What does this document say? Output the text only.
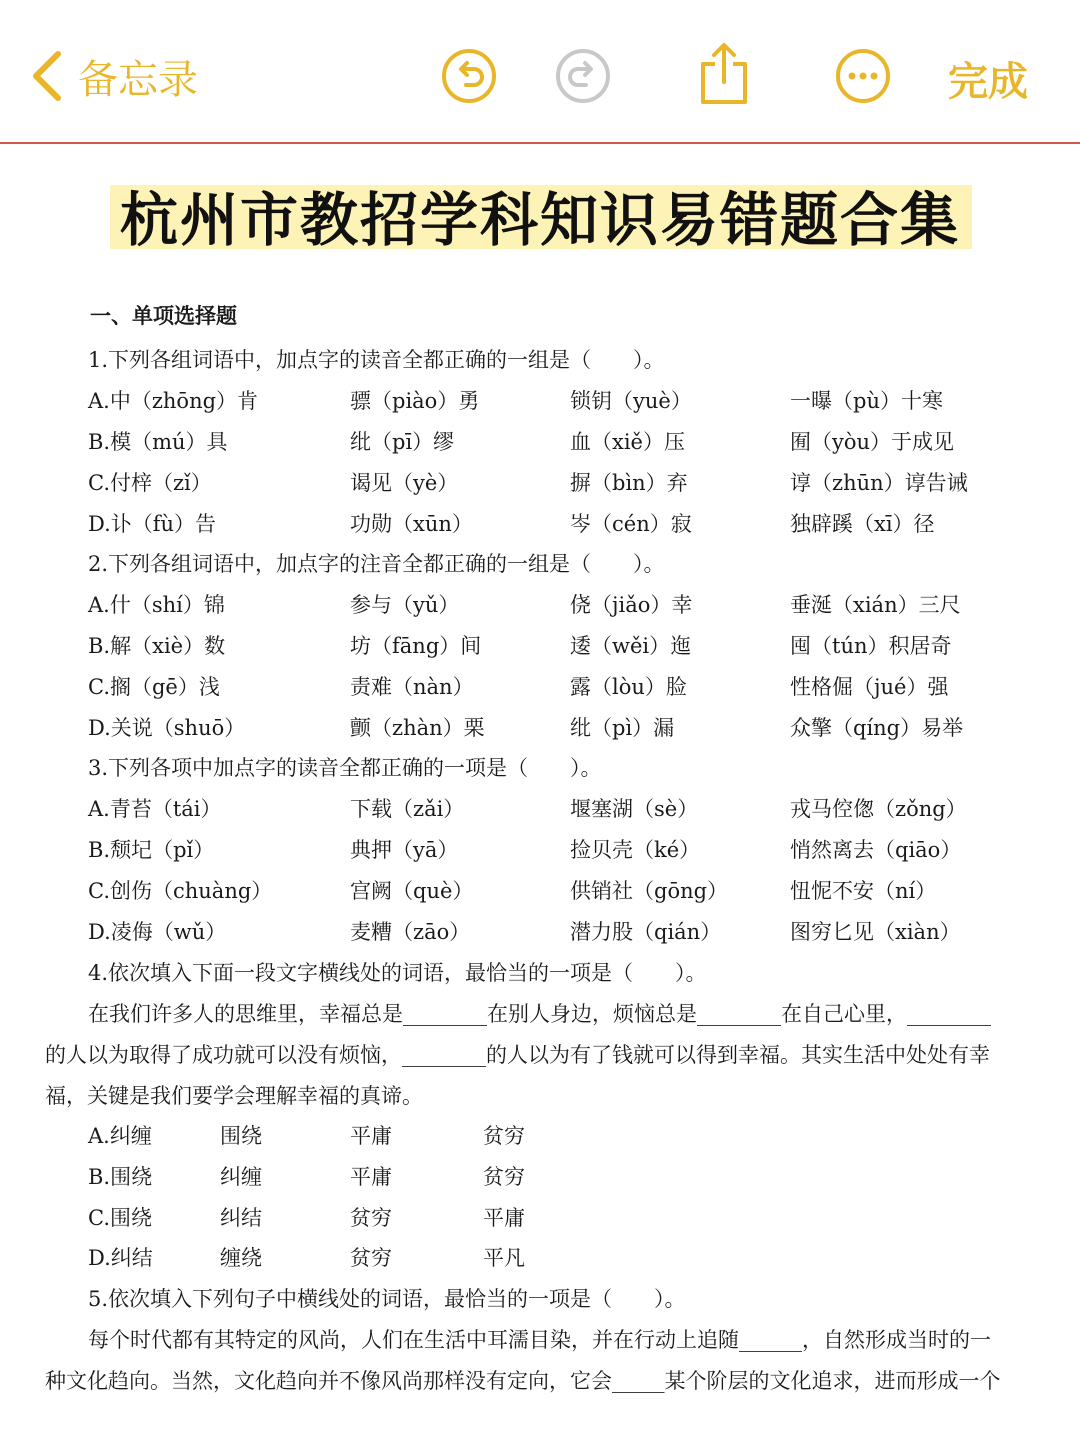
备忘录	完成
杭州市教招学科知识易错题合集
一、单项选择题
1.下列各组词语中，加点字的读音全都正确的一组是（　　）。
A.中（zhōng）肯	骠（piào）勇	锁钥（yuè）	一曝（pù）十寒
B.模（mú）具	纰（pī）缪	血（xiě）压	囿（yòu）于成见
C.付梓（zǐ）	谒见（yè）	摒（bìn）弃	谆（zhūn）谆告诫
D.讣（fù）告	功勋（xūn）	岑（cén）寂	独辟蹊（xī）径
2.下列各组词语中，加点字的注音全都正确的一组是（　　）。
A.什（shí）锦	参与（yǔ）	侥（jiǎo）幸	垂涎（xián）三尺
B.解（xiè）数	坊（fāng）间	逶（wěi）迤	囤（tún）积居奇
C.搁（gē）浅	责难（nàn）	露（lòu）脸	性格倔（jué）强
D.关说（shuō）	颤（zhàn）栗	纰（pì）漏	众擎（qíng）易举
3.下列各项中加点字的读音全都正确的一项是（　　）。
A.青苔（tái）	下载（zǎi）	堰塞湖（sè）	戎马倥偬（zǒng）
B.颓圮（pǐ）	典押（yā）	捡贝壳（ké）	悄然离去（qiāo）
C.创伤（chuàng）	宫阙（què）	供销社（gōng）	忸怩不安（ní）
D.凌侮（wǔ）	麦糟（zāo）	潜力股（qián）	图穷匕见（xiàn）
4.依次填入下面一段文字横线处的词语，最恰当的一项是（　　）。
在我们许多人的思维里，幸福总是________在别人身边，烦恼总是________在自己心里，________
的人以为取得了成功就可以没有烦恼，________的人以为有了钱就可以得到幸福。其实生活中处处有幸
福，关键是我们要学会理解幸福的真谛。
A.纠缠	围绕	平庸	贫穷
B.围绕	纠缠	平庸	贫穷
C.围绕	纠结	贫穷	平庸
D.纠结	缠绕	贫穷	平凡
5.依次填入下列句子中横线处的词语，最恰当的一项是（　　）。
每个时代都有其特定的风尚，人们在生活中耳濡目染，并在行动上追随______，自然形成当时的一
种文化趋向。当然，文化趋向并不像风尚那样没有定向，它会_____某个阶层的文化追求，进而形成一个
